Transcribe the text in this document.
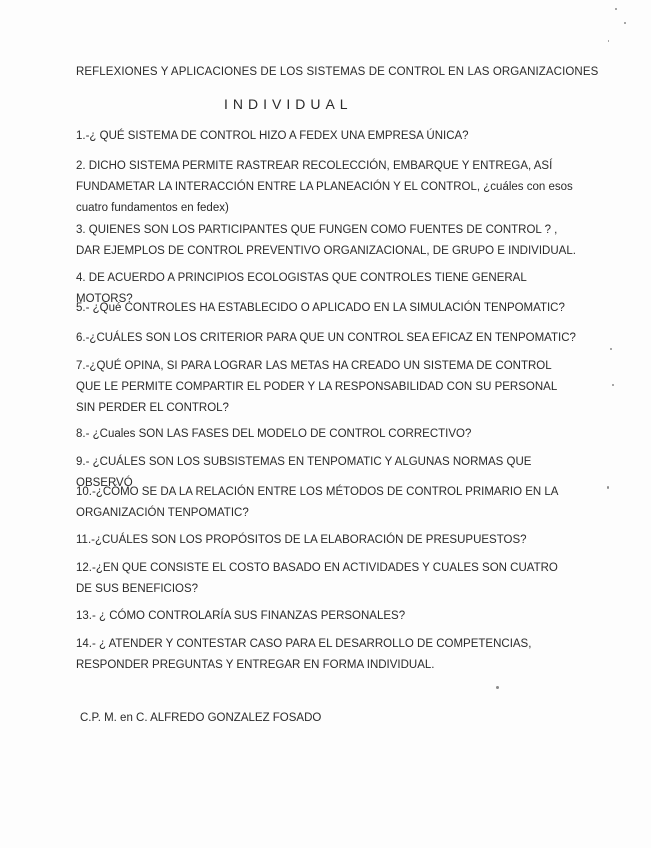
REFLEXIONES Y APLICACIONES DE LOS SISTEMAS DE CONTROL EN LAS ORGANIZACIONES
INDIVIDUAL

1.-¿ QUÉ SISTEMA DE CONTROL HIZO A FEDEX UNA EMPRESA ÚNICA?

2. DICHO SISTEMA PERMITE RASTREAR RECOLECCIÓN, EMBARQUE Y ENTREGA, ASÍ FUNDAMETAR LA INTERACCIÓN ENTRE LA PLANEACIÓN Y EL CONTROL, ¿cuáles con esos cuatro fundamentos en fedex)

3. QUIENES SON LOS PARTICIPANTES QUE FUNGEN COMO FUENTES DE CONTROL ? , DAR EJEMPLOS DE CONTROL PREVENTIVO ORGANIZACIONAL, DE GRUPO E INDIVIDUAL.

4. DE ACUERDO A PRINCIPIOS ECOLOGISTAS QUE CONTROLES TIENE GENERAL MOTORS?

5.- ¿Qué CONTROLES HA ESTABLECIDO O APLICADO EN LA SIMULACIÓN TENPOMATIC?

6.-¿CUÁLES SON LOS CRITERIOR PARA QUE UN CONTROL SEA EFICAZ EN TENPOMATIC?

7.-¿QUÉ OPINA, SI PARA LOGRAR LAS METAS HA CREADO UN SISTEMA DE CONTROL QUE LE PERMITE COMPARTIR EL PODER Y LA RESPONSABILIDAD CON SU PERSONAL SIN PERDER EL CONTROL?

8.- ¿Cuales SON LAS FASES DEL MODELO DE CONTROL CORRECTIVO?

9.- ¿CUÁLES SON LOS SUBSISTEMAS EN TENPOMATIC Y ALGUNAS NORMAS QUE OBSERVÓ

10.-¿CÓMO SE DA LA RELACIÓN ENTRE LOS MÉTODOS DE CONTROL PRIMARIO EN LA ORGANIZACIÓN TENPOMATIC?

11.-¿CUÁLES SON LOS PROPÓSITOS DE LA ELABORACIÓN DE PRESUPUESTOS?

12.-¿EN QUE CONSISTE EL COSTO BASADO EN ACTIVIDADES Y CUALES SON CUATRO DE SUS BENEFICIOS?

13.- ¿ CÓMO CONTROLARÍA SUS FINANZAS PERSONALES?

14.- ¿ ATENDER Y CONTESTAR CASO PARA EL DESARROLLO DE COMPETENCIAS, RESPONDER PREGUNTAS Y ENTREGAR EN FORMA INDIVIDUAL.

C.P. M. en C. ALFREDO GONZALEZ FOSADO
